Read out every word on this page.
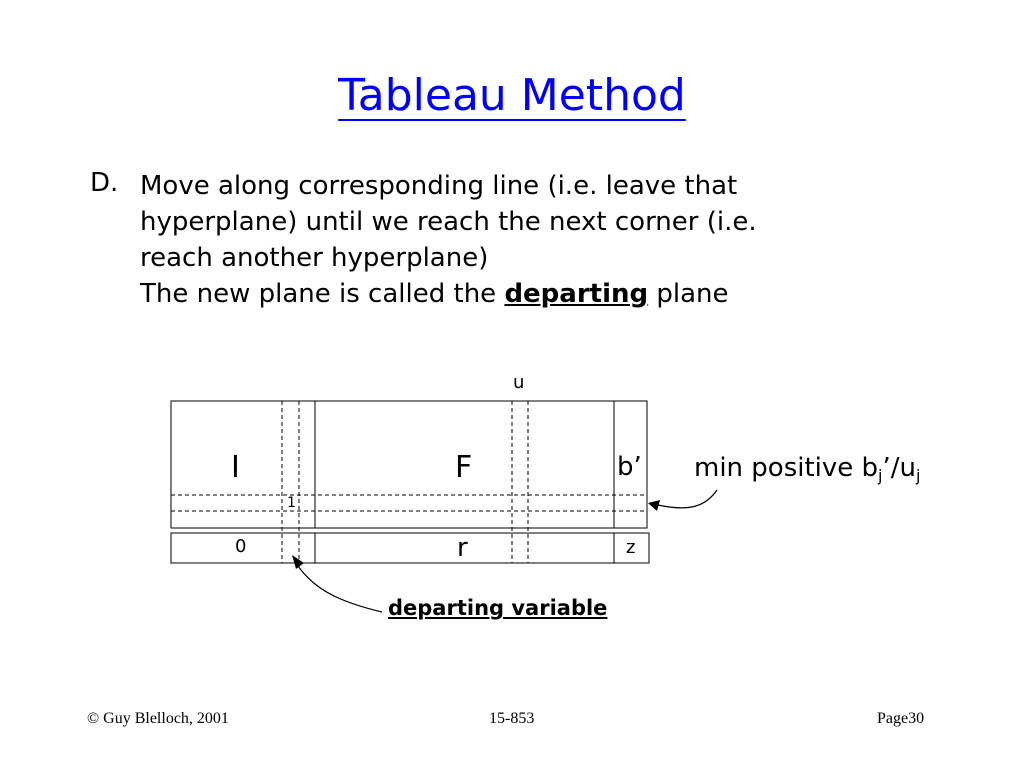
Tableau Method
D. Move along corresponding line (i.e. leave that
hyperplane) until we reach the next corner (i.e.
reach another hyperplane)
The new plane is called the departing plane
u
I	F	b’
1
0	r	z
min positive $b_j’/u_j$
departing variable
© Guy Blelloch, 2001	15-853	Page30
